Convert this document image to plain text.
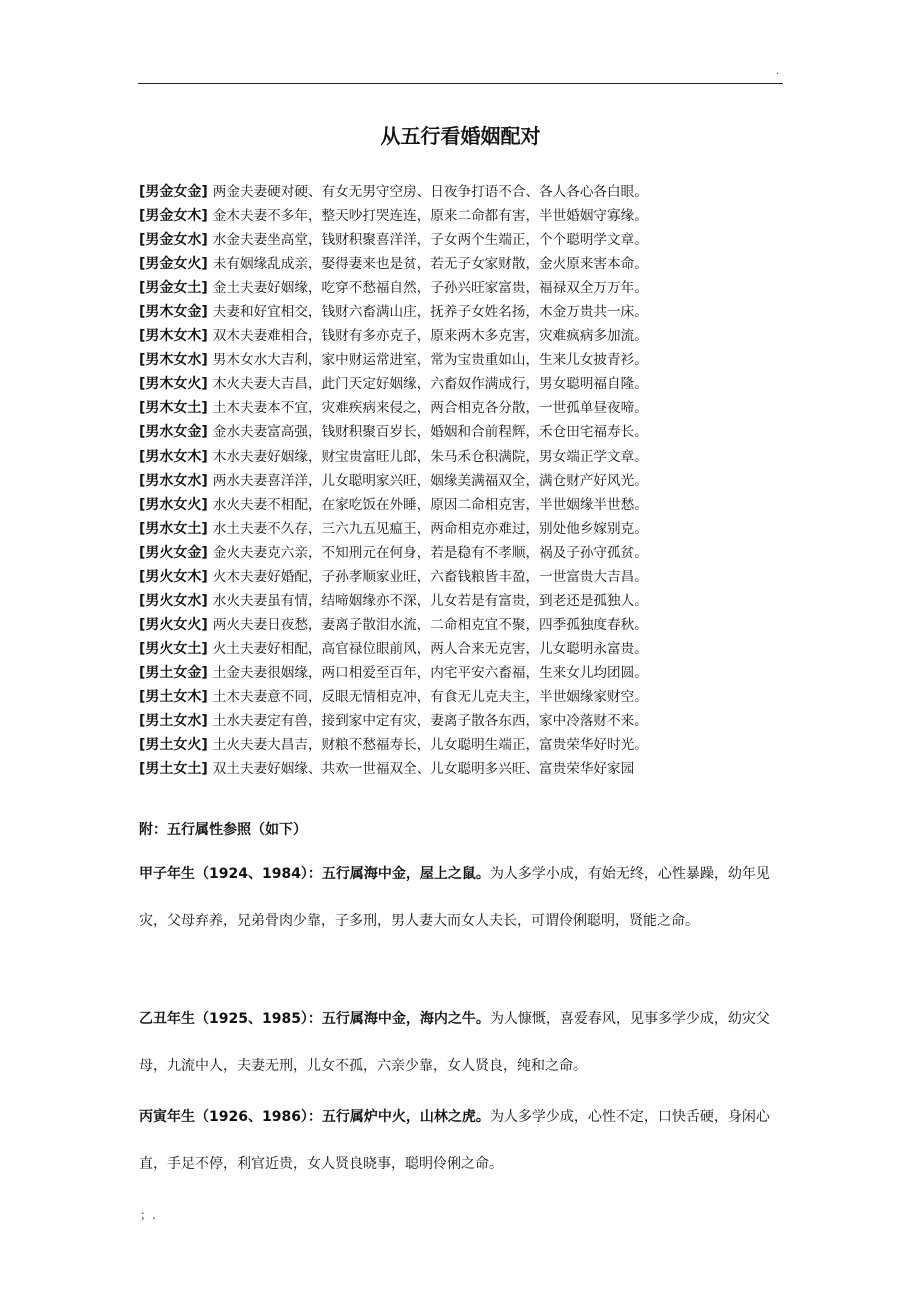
.
从五行看婚姻配对
[男金女金] 两金夫妻硬对硬、有女无男守空房、日夜争打语不合、各人各心各白眼。
[男金女木] 金木夫妻不多年，整天吵打哭连连，原来二命都有害，半世婚姻守寡缘。
[男金女水] 水金夫妻坐高堂，钱财积聚喜洋洋，子女两个生端正，个个聪明学文章。
[男金女火] 未有姻缘乱成亲，娶得妻来也是贫，若无子女家财散，金火原来害本命。
[男金女土] 金土夫妻好姻缘，吃穿不愁福自然，子孙兴旺家富贵，福禄双全万万年。
[男木女金] 夫妻和好宜相交，钱财六畜满山庄，抚养子女姓名扬，木金万贵共一床。
[男木女木] 双木夫妻难相合，钱财有多亦克子，原来两木多克害，灾难疯病多加流。
[男木女水] 男木女水大吉利，家中财运常进室，常为宝贵重如山，生来儿女披青衫。
[男木女火] 木火夫妻大吉昌，此门天定好姻缘，六畜奴作满成行，男女聪明福自隆。
[男木女土] 土木夫妻本不宜，灾难疾病来侵之，两合相克各分散，一世孤单昼夜啼。
[男水女金] 金水夫妻富高强，钱财积聚百岁长，婚姻和合前程辉，禾仓田宅福寿长。
[男水女木] 木水夫妻好姻缘，财宝贵富旺儿郎，朱马禾仓积满院，男女端正学文章。
[男水女水] 两水夫妻喜洋洋，儿女聪明家兴旺，姻缘美满福双全，满仓财产好风光。
[男水女火] 水火夫妻不相配，在家吃饭在外睡，原因二命相克害，半世姻缘半世愁。
[男水女土] 水土夫妻不久存，三六九五见瘟王，两命相克亦难过，别处他乡嫁别克。
[男火女金] 金火夫妻克六亲，不知刑元在何身，若是稳有不孝顺，祸及子孙守孤贫。
[男火女木] 火木夫妻好婚配，子孙孝顺家业旺，六畜钱粮皆丰盈，一世富贵大吉昌。
[男火女水] 水火夫妻虽有情，结啼姻缘亦不深，儿女若是有富贵，到老还是孤独人。
[男火女火] 两火夫妻日夜愁，妻离子散泪水流，二命相克宜不聚，四季孤独度春秋。
[男火女土] 火土夫妻好相配，高官禄位眼前风，两人合来无克害，儿女聪明永富贵。
[男土女金] 土金夫妻很姻缘，两口相爱至百年，内宅平安六畜福，生来女儿均团圆。
[男土女木] 土木夫妻意不同，反眼无情相克冲，有食无儿克夫主，半世姻缘家财空。
[男土女水] 土水夫妻定有兽，接到家中定有灾，妻离子散各东西，家中冷落财不来。
[男土女火] 土火夫妻大昌吉，财粮不愁福寿长，儿女聪明生端正，富贵荣华好时光。
[男土女土] 双土夫妻好姻缘、共欢一世福双全、儿女聪明多兴旺、富贵荣华好家园
附：五行属性参照（如下）
甲子年生（1924、1984）：五行属海中金，屋上之鼠。为人多学小成，有始无终，心性暴躁，幼年见灾，父母弃养，兄弟骨肉少靠，子多刑，男人妻大而女人夫长，可谓伶俐聪明，贤能之命。
乙丑年生（1925、1985）：五行属海中金，海内之牛。为人慷慨，喜爱春风，见事多学少成，幼灾父母，九流中人，夫妻无刑，儿女不孤，六亲少靠，女人贤良，纯和之命。
丙寅年生（1926、1986）：五行属炉中火，山林之虎。为人多学少成，心性不定，口快舌硬，身闲心直，手足不停，利官近贵，女人贤良晓事，聪明伶俐之命。
；.
